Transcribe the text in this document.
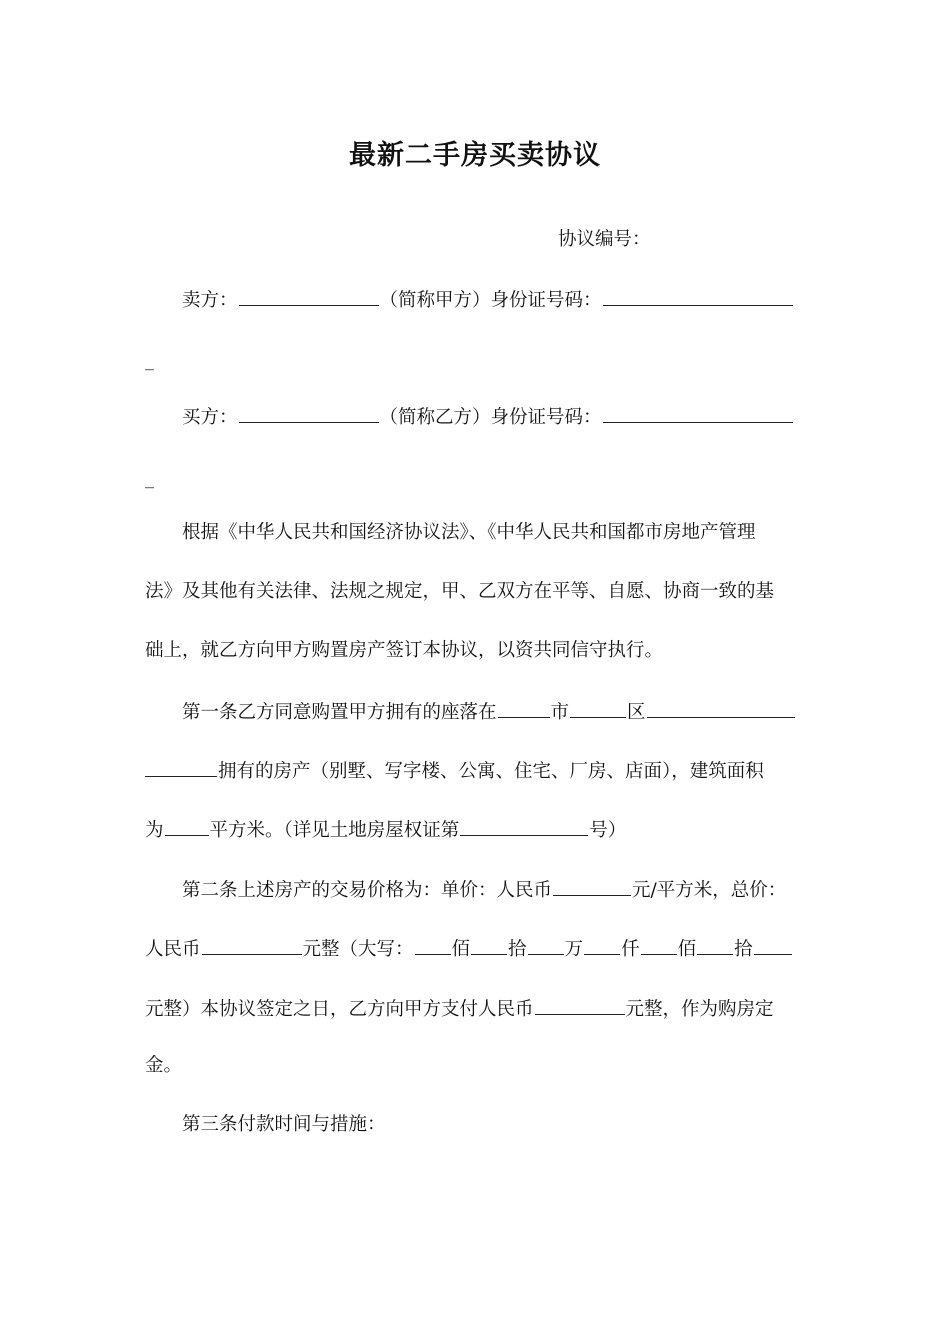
最新二手房买卖协议
协议编号：
卖方：	（简称甲方）身份证号码：
_
买方：	（简称乙方）身份证号码：
_
根据《中华人民共和国经济协议法》、《中华人民共和国都市房地产管理
法》及其他有关法律、法规之规定，甲、乙双方在平等、自愿、协商一致的基
础上，就乙方向甲方购置房产签订本协议，以资共同信守执行。
第一条乙方同意购置甲方拥有的座落在	市	区
拥有的房产（别墅、写字楼、公寓、住宅、厂房、店面），建筑面积
为 平方米。（详见土地房屋权证第	号）
第二条上述房产的交易价格为：单价：人民币	元/平方米，总价：
人民币	元整（大写： 佰 拾 万 仟 佰 拾
元整）本协议签定之日，乙方向甲方支付人民币	元整，作为购房定
金。
第三条付款时间与措施：
